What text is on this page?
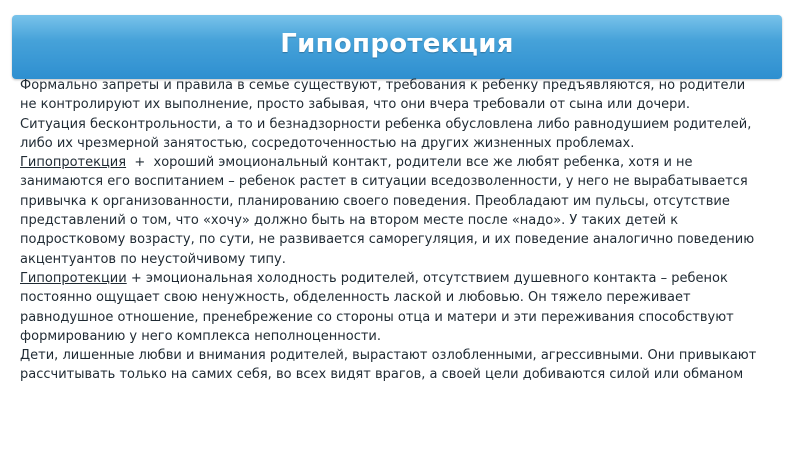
Гипопротекция

Формально запреты и правила в семье существуют, требования к ребенку предъявляются, но родители не контролируют их выполнение, просто забывая, что они вчера требовали от сына или дочери.

Ситуация бесконтрольности, а то и безнадзорности ребенка обусловлена либо равнодушием родителей, либо их чрезмерной занятостью, сосредоточенностью на других жизненных проблемах.

Гипопротекция  +  хороший эмоциональный контакт, родители все же любят ребенка, хотя и не занимаются его воспитанием – ребенок растет в ситуации вседозволенности, у него не вырабатывается привычка к организованности, планированию своего поведения. Преобладают им пульсы, отсутствие представлений о том, что «хочу» должно быть на втором месте после «надо». У таких детей к подростковому возрасту, по сути, не развивается саморегуляция, и их поведение аналогично поведению акцентуантов по неустойчивому типу.

Гипопротекции + эмоциональная холодность родителей, отсутствием душевного контакта – ребенок постоянно ощущает свою ненужность, обделенность лаской и любовью. Он тяжело переживает равнодушное отношение, пренебрежение со стороны отца и матери и эти переживания способствуют формированию у него комплекса неполноценности.

Дети, лишенные любви и внимания родителей, вырастают озлобленными, агрессивными. Они привыкают рассчитывать только на самих себя, во всех видят врагов, а своей цели добиваются силой или обманом
